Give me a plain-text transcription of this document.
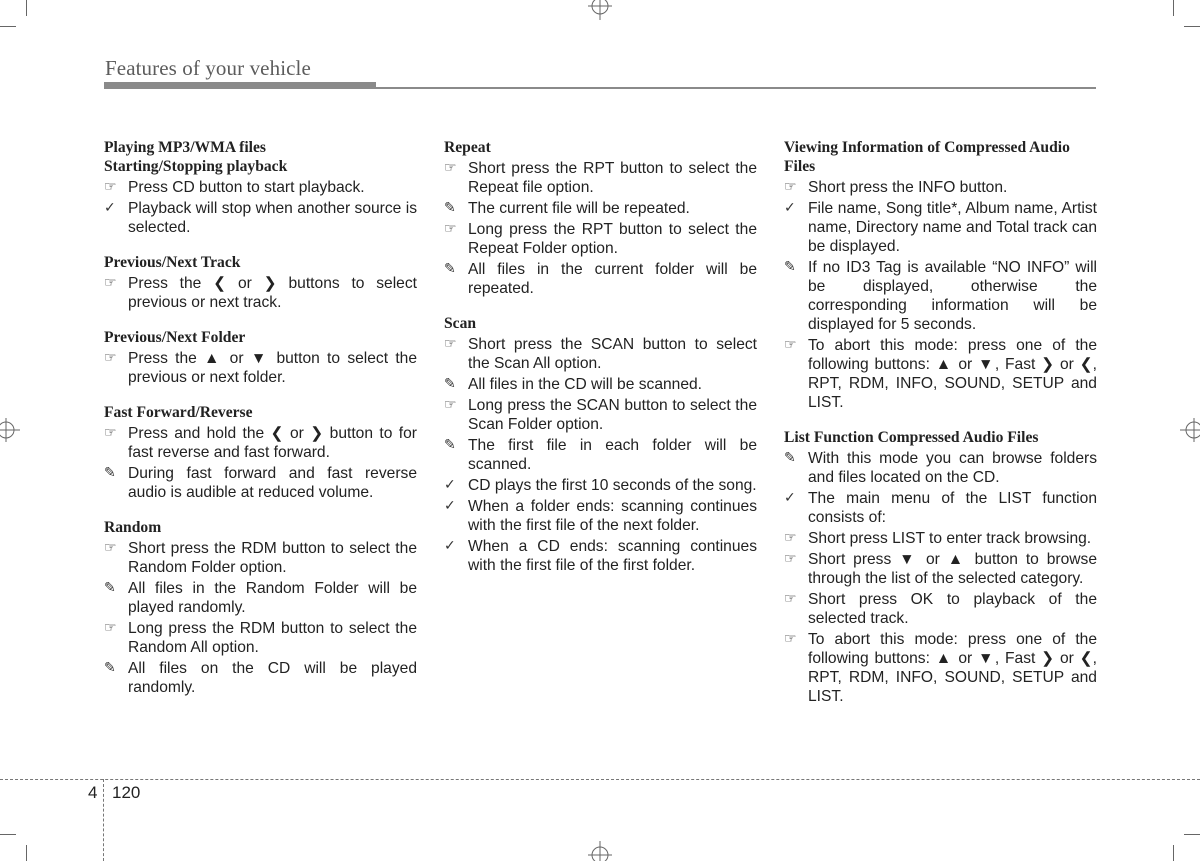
Features of your vehicle
Playing MP3/WMA files
Starting/Stopping playback
☞ Press CD button to start playback.
✓ Playback will stop when another source is selected.
Previous/Next Track
☞ Press the ❮ or ❯ buttons to select previous or next track.
Previous/Next Folder
☞ Press the ▲ or ▼ button to select the previous or next folder.
Fast Forward/Reverse
☞ Press and hold the ❮ or ❯ button to for fast reverse and fast forward.
✎ During fast forward and fast reverse audio is audible at reduced volume.
Random
☞ Short press the RDM button to select the Random Folder option.
✎ All files in the Random Folder will be played randomly.
☞ Long press the RDM button to select the Random All option.
✎ All files on the CD will be played randomly.
Repeat
☞ Short press the RPT button to select the Repeat file option.
✎ The current file will be repeated.
☞ Long press the RPT button to select the Repeat Folder option.
✎ All files in the current folder will be repeated.
Scan
☞ Short press the SCAN button to select the Scan All option.
✎ All files in the CD will be scanned.
☞ Long press the SCAN button to select the Scan Folder option.
✎ The first file in each folder will be scanned.
✓ CD plays the first 10 seconds of the song.
✓ When a folder ends: scanning continues with the first file of the next folder.
✓ When a CD ends: scanning continues with the first file of the first folder.
Viewing Information of Compressed Audio Files
☞ Short press the INFO button.
✓ File name, Song title*, Album name, Artist name, Directory name and Total track can be displayed.
✎ If no ID3 Tag is available “NO INFO” will be displayed, otherwise the corresponding information will be displayed for 5 seconds.
☞ To abort this mode: press one of the following buttons: ▲ or ▼, Fast ❯ or ❮, RPT, RDM, INFO, SOUND, SETUP and LIST.
List Function Compressed Audio Files
✎ With this mode you can browse folders and files located on the CD.
✓ The main menu of the LIST function consists of:
☞ Short press LIST to enter track browsing.
☞ Short press ▼ or ▲ button to browse through the list of the selected category.
☞ Short press OK to playback of the selected track.
☞ To abort this mode: press one of the following buttons: ▲ or ▼, Fast ❯ or ❮, RPT, RDM, INFO, SOUND, SETUP and LIST.
4 120
